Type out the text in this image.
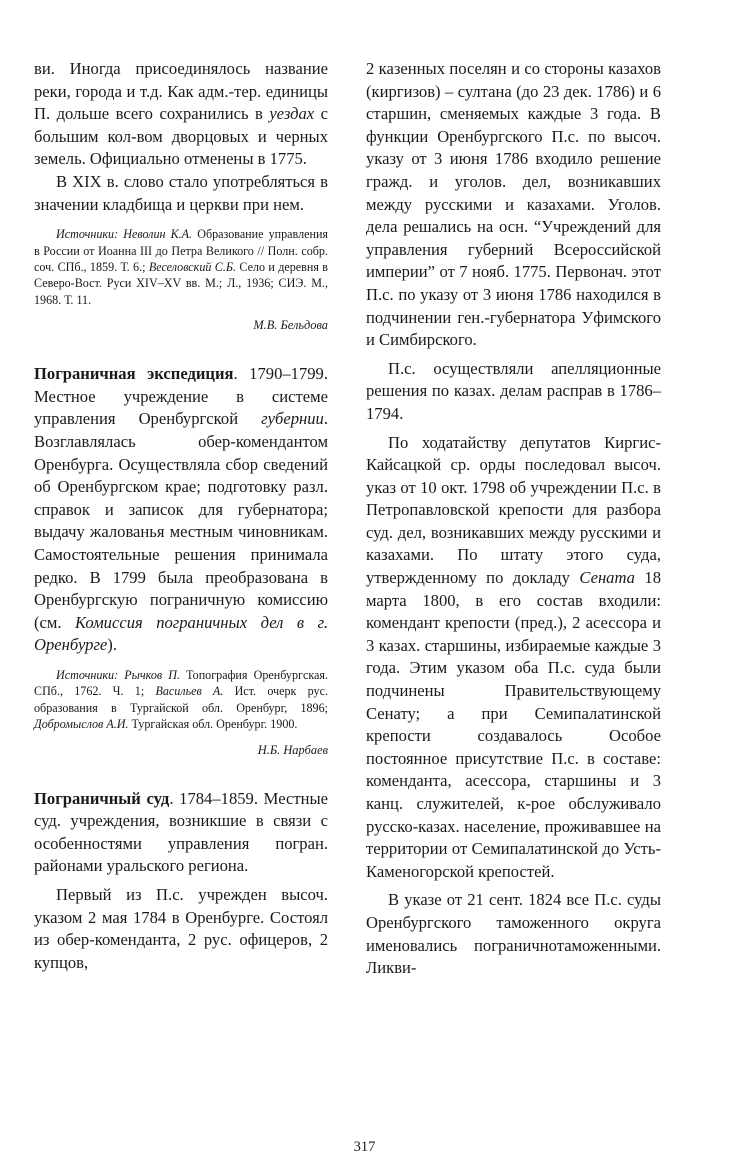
ви. Иногда присоединялось название реки, города и т.д. Как адм.-тер. единицы П. дольше всего сохранились в уездах с большим кол-вом дворцовых и черных земель. Официально отменены в 1775.

В XIX в. слово стало употребляться в значении кладбища и церкви при нем.

Источники: Неволин К.А. Образование управления в России от Иоанна III до Петра Великого // Полн. собр. соч. СПб., 1859. Т. 6.; Веселовский С.Б. Село и деревня в Северо-Вост. Руси XIV–XV вв. М.; Л., 1936; СИЭ. М., 1968. Т. 11.
М.В. Бельдова

Пограничная экспедиция. 1790–1799. Местное учреждение в системе управления Оренбургской губернии. Возглавлялась обер-комендантом Оренбурга. Осуществляла сбор сведений об Оренбургском крае; подготовку разл. справок и записок для губернатора; выдачу жалованья местным чиновникам. Самостоятельные решения принимала редко. В 1799 была преобразована в Оренбургскую пограничную комиссию (см. Комиссия пограничных дел в г. Оренбурге).

Источники: Рычков П. Топография Оренбургская. СПб., 1762. Ч. 1; Васильев А. Ист. очерк рус. образования в Тургайской обл. Оренбург, 1896; Добромыслов А.И. Тургайская обл. Оренбург. 1900.
Н.Б. Нарбаев

Пограничный суд. 1784–1859. Местные суд. учреждения, возникшие в связи с особенностями управления погран. районами уральского региона.

Первый из П.с. учрежден высоч. указом 2 мая 1784 в Оренбурге. Состоял из обер-коменданта, 2 рус. офицеров, 2 купцов,

2 казенных поселян и со стороны казахов (киргизов) – султана (до 23 дек. 1786) и 6 старшин, сменяемых каждые 3 года. В функции Оренбургского П.с. по высоч. указу от 3 июня 1786 входило решение гражд. и уголов. дел, возникавших между русскими и казахами. Уголов. дела решались на осн. “Учреждений для управления губерний Всероссийской империи” от 7 нояб. 1775. Первонач. этот П.с. по указу от 3 июня 1786 находился в подчинении ген.-губернатора Уфимского и Симбирского.

П.с. осуществляли апелляционные решения по казах. делам расправ в 1786–1794.

По ходатайству депутатов Киргис-Кайсацкой ср. орды последовал высоч. указ от 10 окт. 1798 об учреждении П.с. в Петропавловской крепости для разбора суд. дел, возникавших между русскими и казахами. По штату этого суда, утвержденному по докладу Сената 18 марта 1800, в его состав входили: комендант крепости (пред.), 2 асессора и 3 казах. старшины, избираемые каждые 3 года. Этим указом оба П.с. суда были подчинены Правительствующему Сенату; а при Семипалатинской крепости создавалось Особое постоянное присутствие П.с. в составе: коменданта, асессора, старшины и 3 канц. служителей, к-рое обслуживало русско-казах. население, проживавшее на территории от Семипалатинской до Усть-Каменогорской крепостей.

В указе от 21 сент. 1824 все П.с. суды Оренбургского таможенного округа именовались пограничнотаможенными. Ликви-

317
